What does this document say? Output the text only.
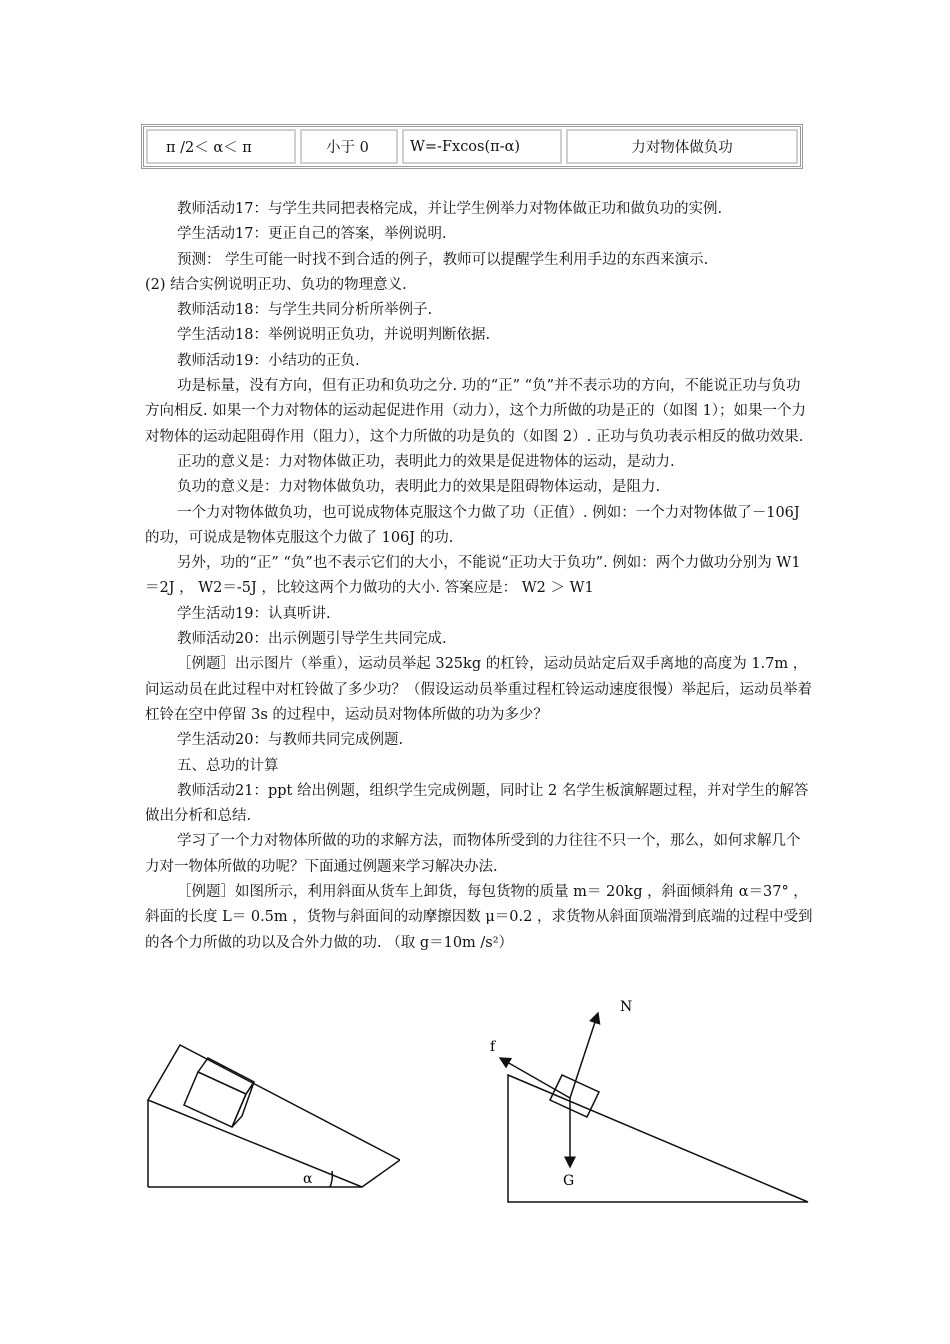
π /2＜ α＜ π	小于 0	W=-Fxcos(π-α)	力对物体做负功

教师活动17：与学生共同把表格完成，并让学生例举力对物体做正功和做负功的实例.

学生活动17：更正自己的答案，举例说明.

预测： 学生可能一时找不到合适的例子，教师可以提醒学生利用手边的东西来演示.

(2) 结合实例说明正功、负功的物理意义.

教师活动18：与学生共同分析所举例子.

学生活动18：举例说明正负功，并说明判断依据.

教师活动19：小结功的正负.

功是标量，没有方向，但有正功和负功之分. 功的“正” “负”并不表示功的方向，不能说正功与负功方向相反. 如果一个力对物体的运动起促进作用（动力），这个力所做的功是正的（如图 1）；如果一个力对物体的运动起阻碍作用（阻力），这个力所做的功是负的（如图 2）. 正功与负功表示相反的做功效果.

正功的意义是：力对物体做正功，表明此力的效果是促进物体的运动，是动力.

负功的意义是：力对物体做负功，表明此力的效果是阻碍物体运动，是阻力.

一个力对物体做负功，也可说成物体克服这个力做了功（正值）. 例如：一个力对物体做了－106J 的功，可说成是物体克服这个力做了 106J 的功.

另外，功的“正” “负”也不表示它们的大小，不能说“正功大于负功”. 例如：两个力做功分别为 W1＝2J ， W2＝-5J ，比较这两个力做功的大小. 答案应是： W2 ＞ W1

学生活动19：认真听讲.

教师活动20：出示例题引导学生共同完成.

［例题］出示图片（举重），运动员举起 325kg 的杠铃，运动员站定后双手离地的高度为 1.7m ，问运动员在此过程中对杠铃做了多少功？（假设运动员举重过程杠铃运动速度很慢）举起后，运动员举着杠铃在空中停留 3s 的过程中，运动员对物体所做的功为多少？

学生活动20：与教师共同完成例题.

五、总功的计算

教师活动21：ppt 给出例题，组织学生完成例题，同时让 2 名学生板演解题过程，并对学生的解答做出分析和总结.

学习了一个力对物体所做的功的求解方法，而物体所受到的力往往不只一个，那么，如何求解几个力对一物体所做的功呢？下面通过例题来学习解决办法.

［例题］如图所示，利用斜面从货车上卸货，每包货物的质量 m＝ 20kg ，斜面倾斜角 α＝37° ，斜面的长度 L＝ 0.5m ，货物与斜面间的动摩擦因数 μ＝0.2 ，求货物从斜面顶端滑到底端的过程中受到的各个力所做的功以及合外力做的功. （取 g＝10m /s²）

α
N
f
G
